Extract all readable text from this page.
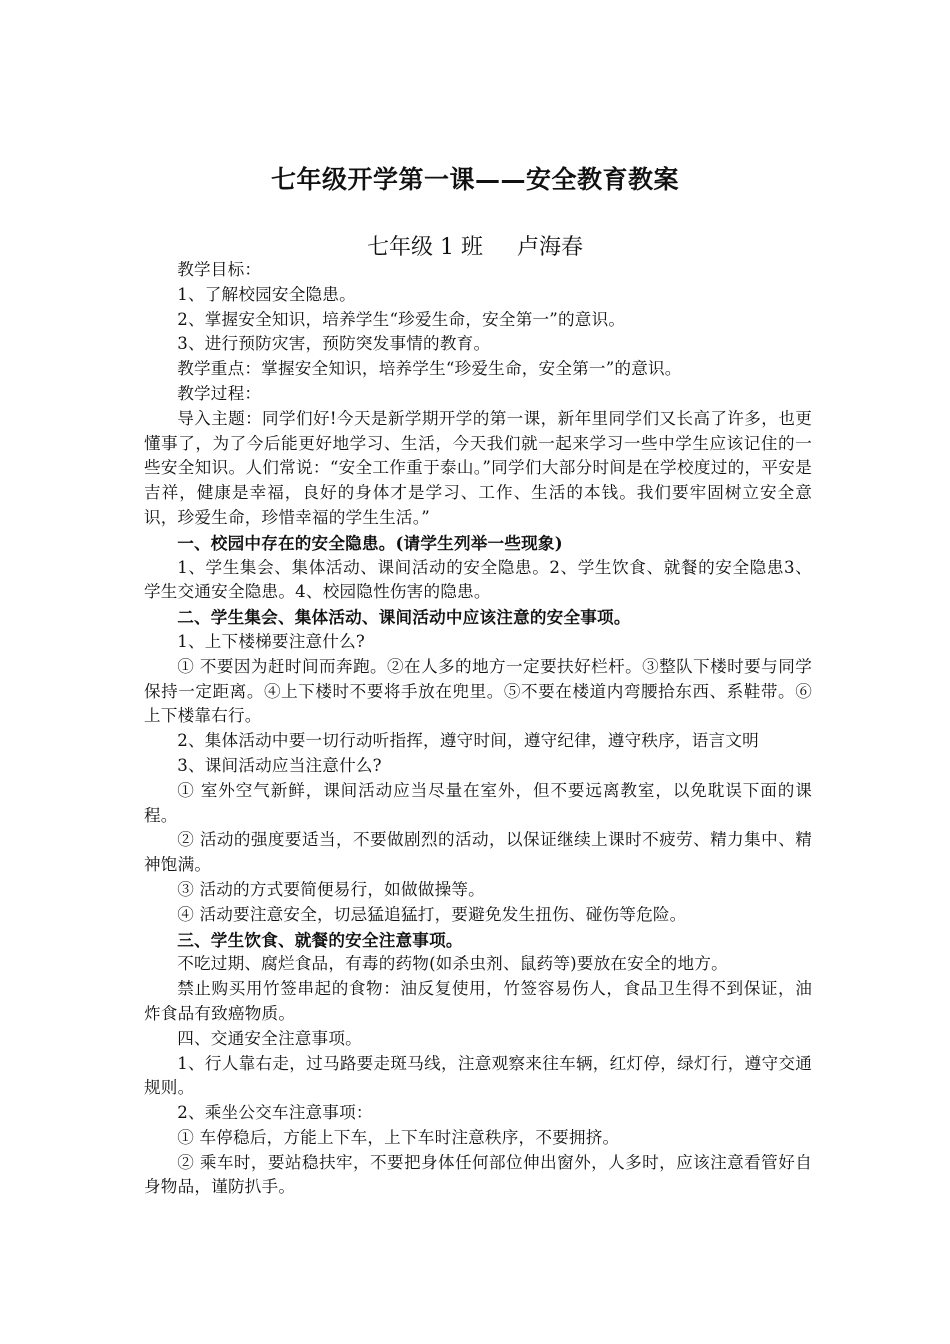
七年级开学第一课——安全教育教案
七年级 1 班 卢海春

教学目标：

1、了解校园安全隐患。

2、掌握安全知识，培养学生“珍爱生命，安全第一”的意识。

3、进行预防灾害，预防突发事情的教育。

教学重点：掌握安全知识，培养学生“珍爱生命，安全第一”的意识。

教学过程：

导入主题：同学们好!今天是新学期开学的第一课，新年里同学们又长高了许多，也更懂事了，为了今后能更好地学习、生活，今天我们就一起来学习一些中学生应该记住的一些安全知识。人们常说：“安全工作重于泰山。”同学们大部分时间是在学校度过的，平安是吉祥，健康是幸福，良好的身体才是学习、工作、生活的本钱。我们要牢固树立安全意识，珍爱生命，珍惜幸福的学生生活。”

一、校园中存在的安全隐患。(请学生列举一些现象)

1、学生集会、集体活动、课间活动的安全隐患。2、学生饮食、就餐的安全隐患3、学生交通安全隐患。4、校园隐性伤害的隐患。

二、学生集会、集体活动、课间活动中应该注意的安全事项。

1、上下楼梯要注意什么?

① 不要因为赶时间而奔跑。②在人多的地方一定要扶好栏杆。③整队下楼时要与同学保持一定距离。④上下楼时不要将手放在兜里。⑤不要在楼道内弯腰拾东西、系鞋带。⑥上下楼靠右行。

2、集体活动中要一切行动听指挥，遵守时间，遵守纪律，遵守秩序，语言文明

3、课间活动应当注意什么?

① 室外空气新鲜，课间活动应当尽量在室外，但不要远离教室，以免耽误下面的课程。

② 活动的强度要适当，不要做剧烈的活动，以保证继续上课时不疲劳、精力集中、精神饱满。

③ 活动的方式要简便易行，如做做操等。

④ 活动要注意安全，切忌猛追猛打，要避免发生扭伤、碰伤等危险。

三、学生饮食、就餐的安全注意事项。

不吃过期、腐烂食品，有毒的药物(如杀虫剂、鼠药等)要放在安全的地方。

禁止购买用竹签串起的食物：油反复使用，竹签容易伤人，食品卫生得不到保证，油炸食品有致癌物质。

四、交通安全注意事项。

1、行人靠右走，过马路要走斑马线，注意观察来往车辆，红灯停，绿灯行，遵守交通规则。

2、乘坐公交车注意事项：

① 车停稳后，方能上下车，上下车时注意秩序，不要拥挤。

② 乘车时，要站稳扶牢，不要把身体任何部位伸出窗外，人多时，应该注意看管好自身物品，谨防扒手。
